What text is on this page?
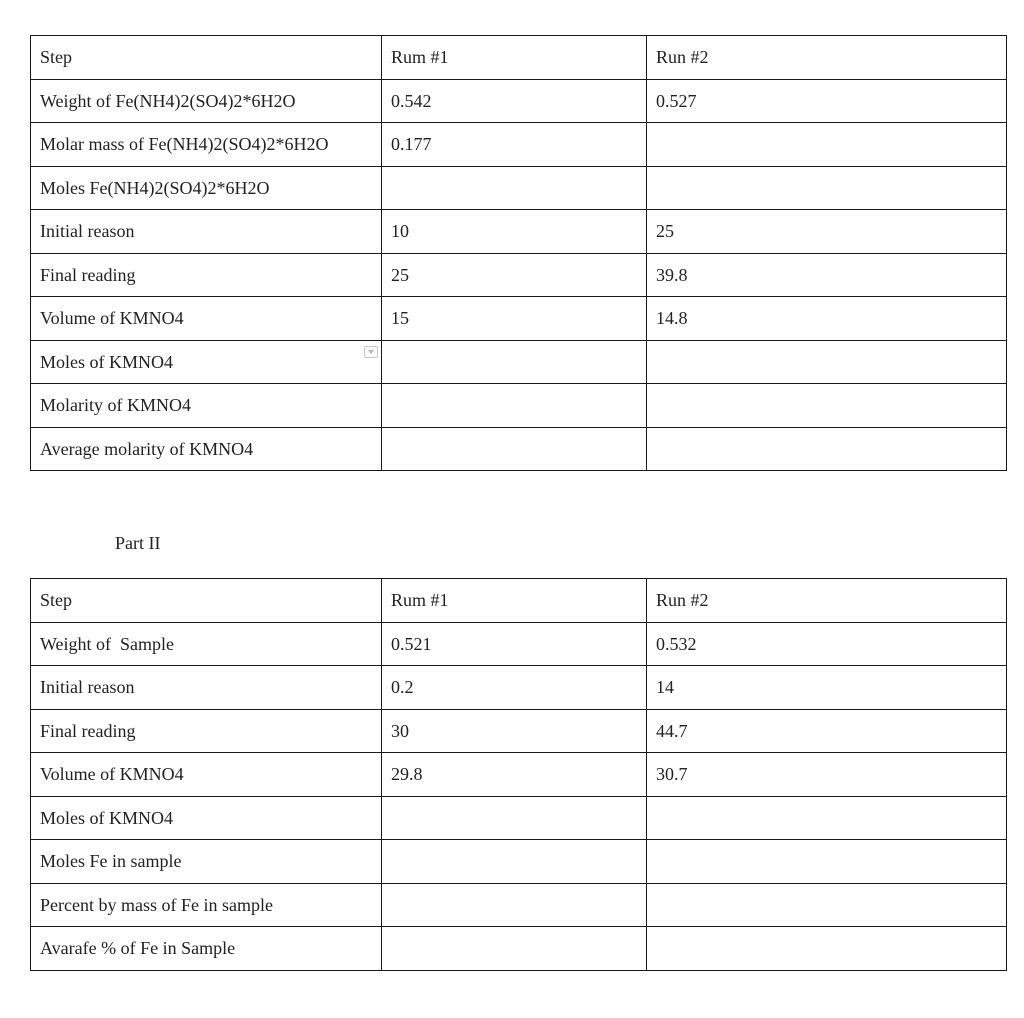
Step	Rum #1	Run #2
Weight of Fe(NH4)2(SO4)2*6H2O	0.542	0.527
Molar mass of Fe(NH4)2(SO4)2*6H2O	0.177	
Moles Fe(NH4)2(SO4)2*6H2O		
Initial reason	10	25
Final reading	25	39.8
Volume of KMNO4	15	14.8
Moles of KMNO4

Molarity of KMNO4		
Average molarity of KMNO4		

Part II

Step	Rum #1	Run #2
Weight of  Sample	0.521	0.532
Initial reason	0.2	14
Final reading	30	44.7
Volume of KMNO4	29.8	30.7
Moles of KMNO4		
Moles Fe in sample		
Percent by mass of Fe in sample		
Avarafe % of Fe in Sample		
